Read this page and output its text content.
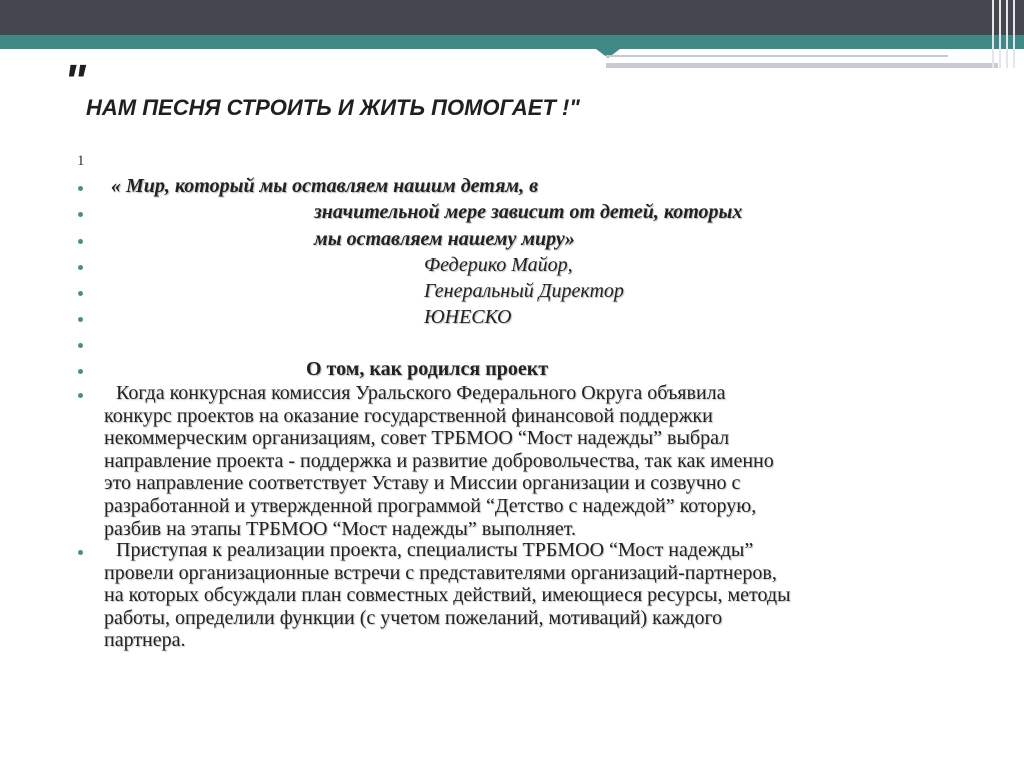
"
НАМ ПЕСНЯ СТРОИТЬ И ЖИТЬ ПОМОГАЕТ !"
1
« Мир, который мы оставляем нашим детям, в
значительной мере зависит от детей, которых
мы оставляем нашему миру»
Федерико Майор,
Генеральный Директор
ЮНЕСКО
О том, как родился проект
Когда конкурсная комиссия Уральского Федерального Округа объявила
конкурс проектов на оказание государственной финансовой поддержки
некоммерческим организациям, совет ТРБМОО “Мост надежды” выбрал
направление проекта - поддержка и развитие добровольчества, так как именно
это направление соответствует Уставу и Миссии организации и созвучно с
разработанной и утвержденной программой “Детство с надеждой” которую,
разбив на этапы ТРБМОО “Мост надежды” выполняет.
Приступая к реализации проекта, специалисты ТРБМОО “Мост надежды”
провели организационные встречи с представителями организаций-партнеров,
на которых обсуждали план совместных действий, имеющиеся ресурсы, методы
работы, определили функции (с учетом пожеланий, мотиваций) каждого
партнера.
